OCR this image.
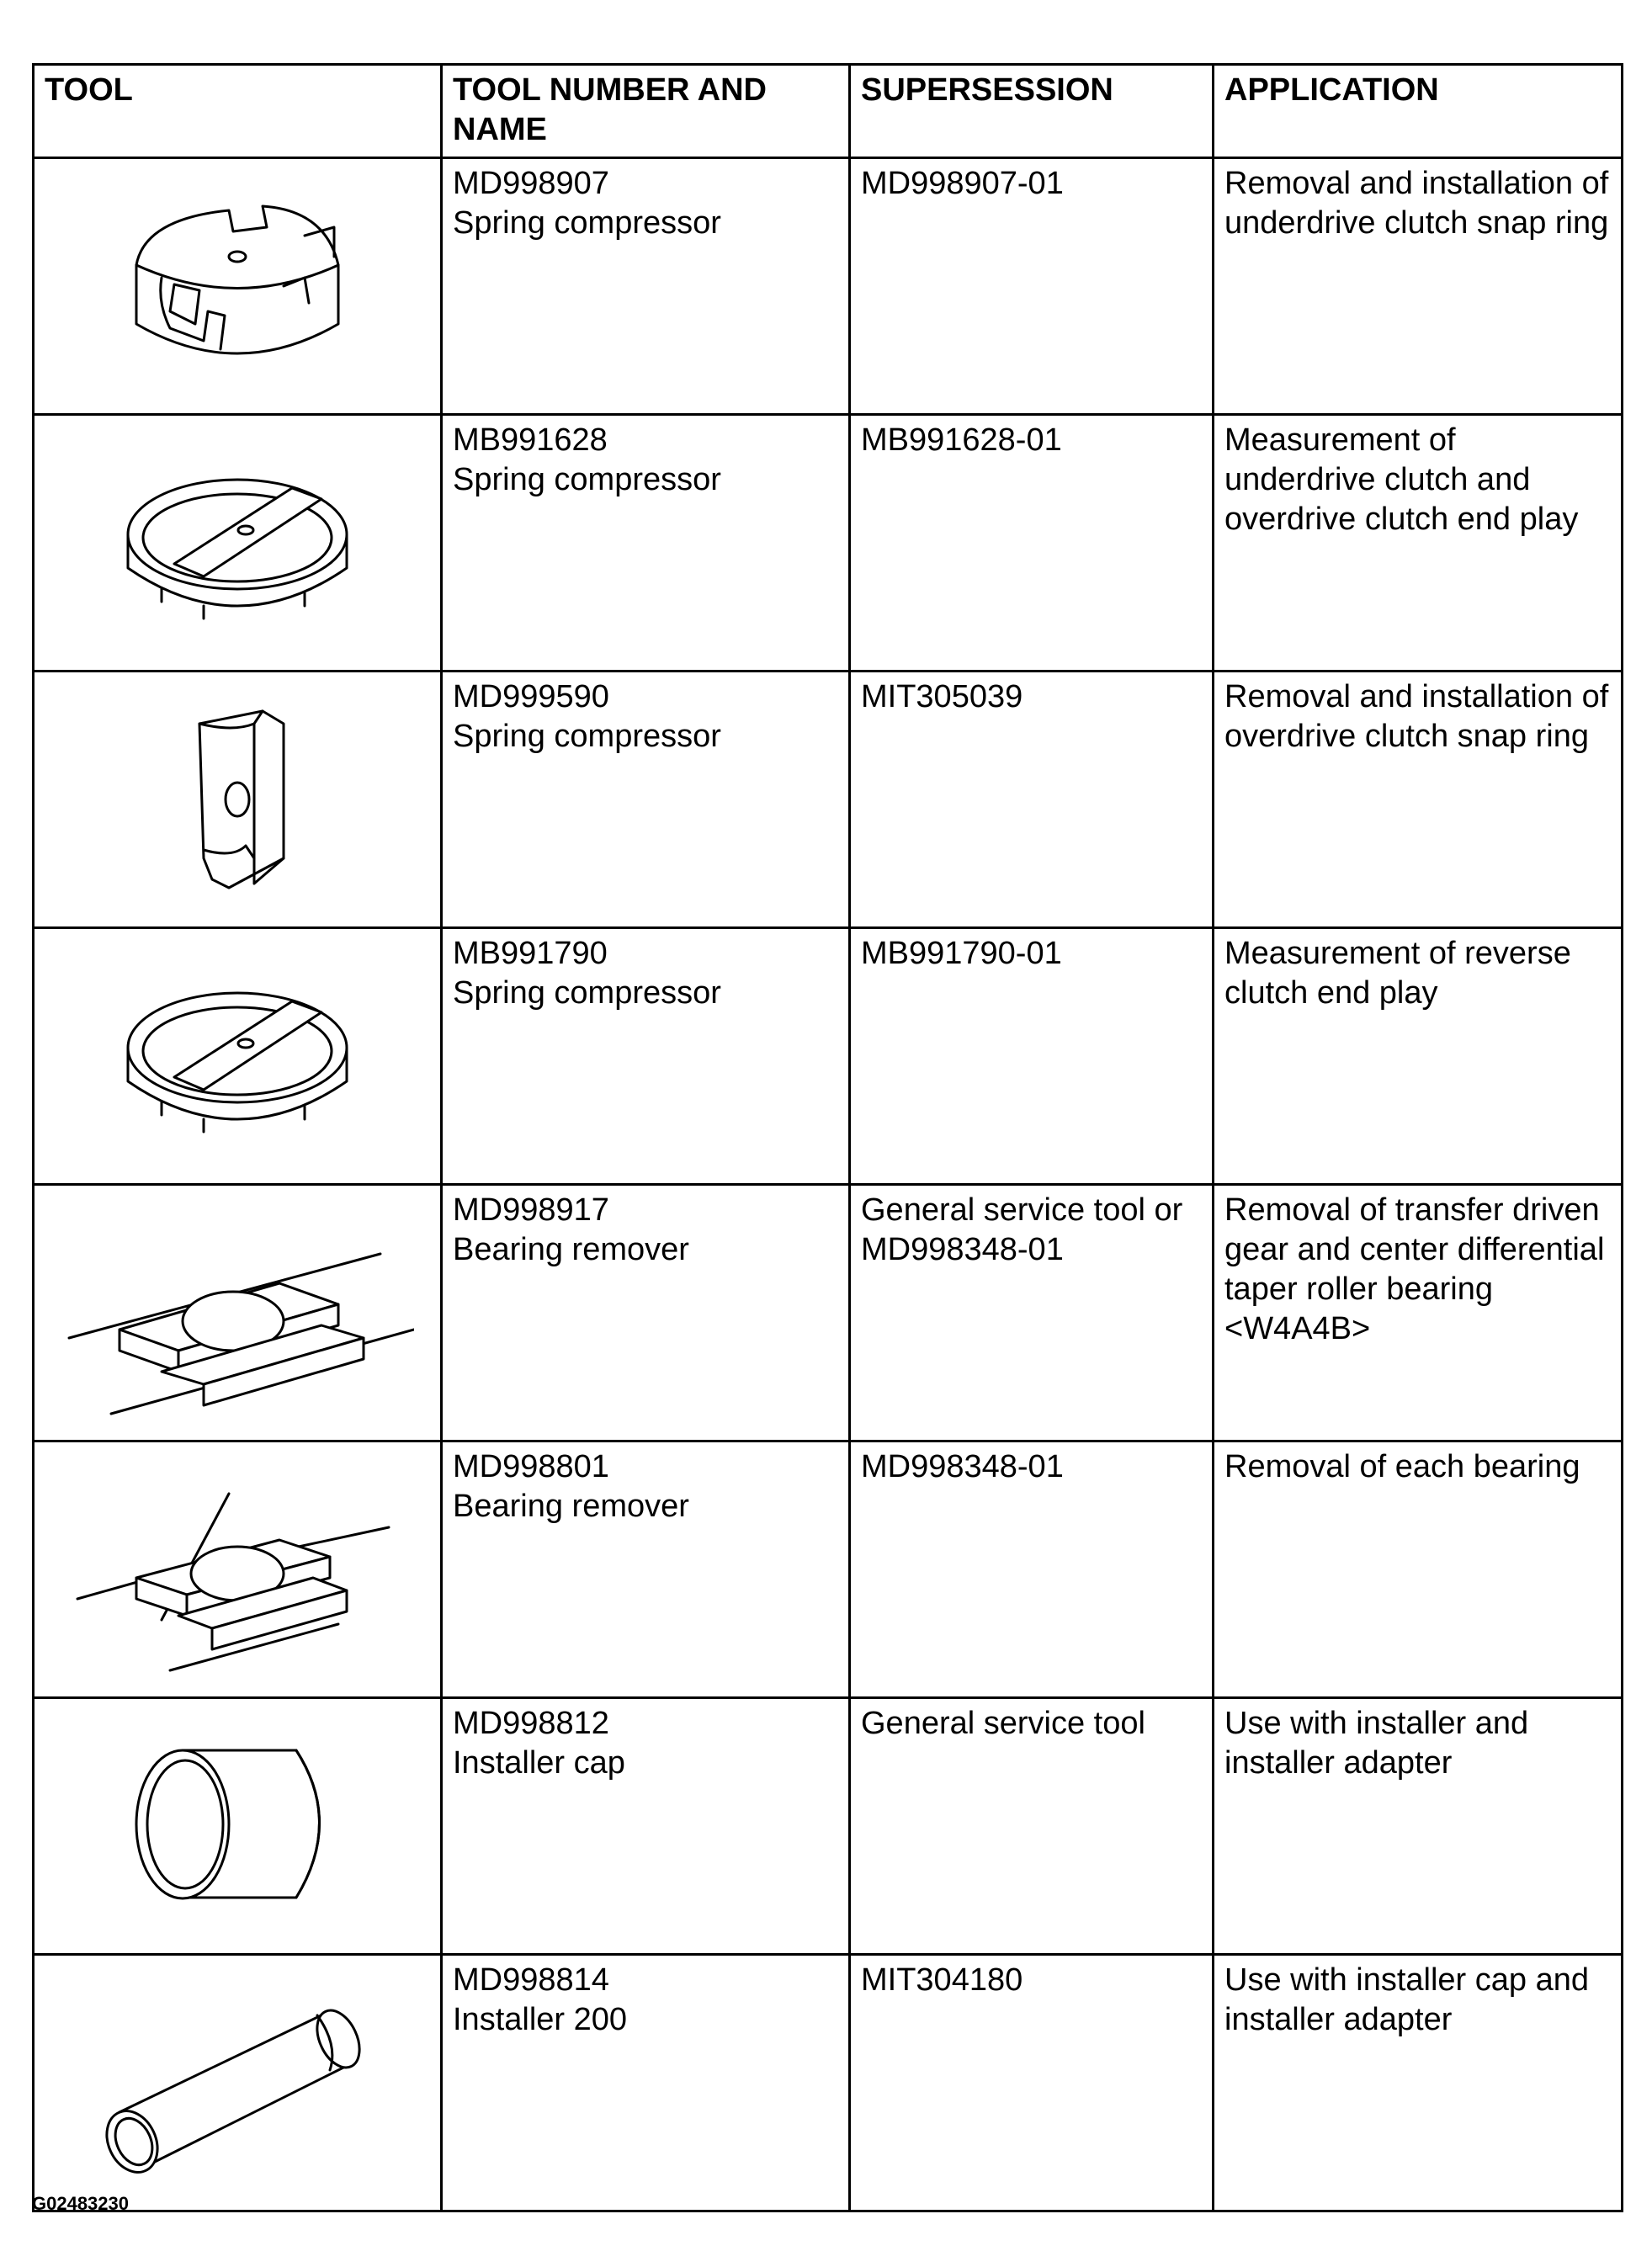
TOOL	TOOL NUMBER AND NAME	SUPERSESSION	APPLICATION

MD998907
Spring compressor	MD998907-01	Removal and installation of underdrive clutch snap ring

MB991628
Spring compressor	MB991628-01	Measurement of underdrive clutch and overdrive clutch end play

MD999590
Spring compressor	MIT305039	Removal and installation of overdrive clutch snap ring

MB991790
Spring compressor	MB991790-01	Measurement of reverse clutch end play

MD998917
Bearing remover	General service tool or MD998348-01	Removal of transfer driven gear and center differential taper roller bearing <W4A4B>

MD998801
Bearing remover	MD998348-01	Removal of each bearing

MD998812
Installer cap	General service tool	Use with installer and installer adapter

MD998814
Installer 200	MIT304180	Use with installer cap and installer adapter
G02483230
